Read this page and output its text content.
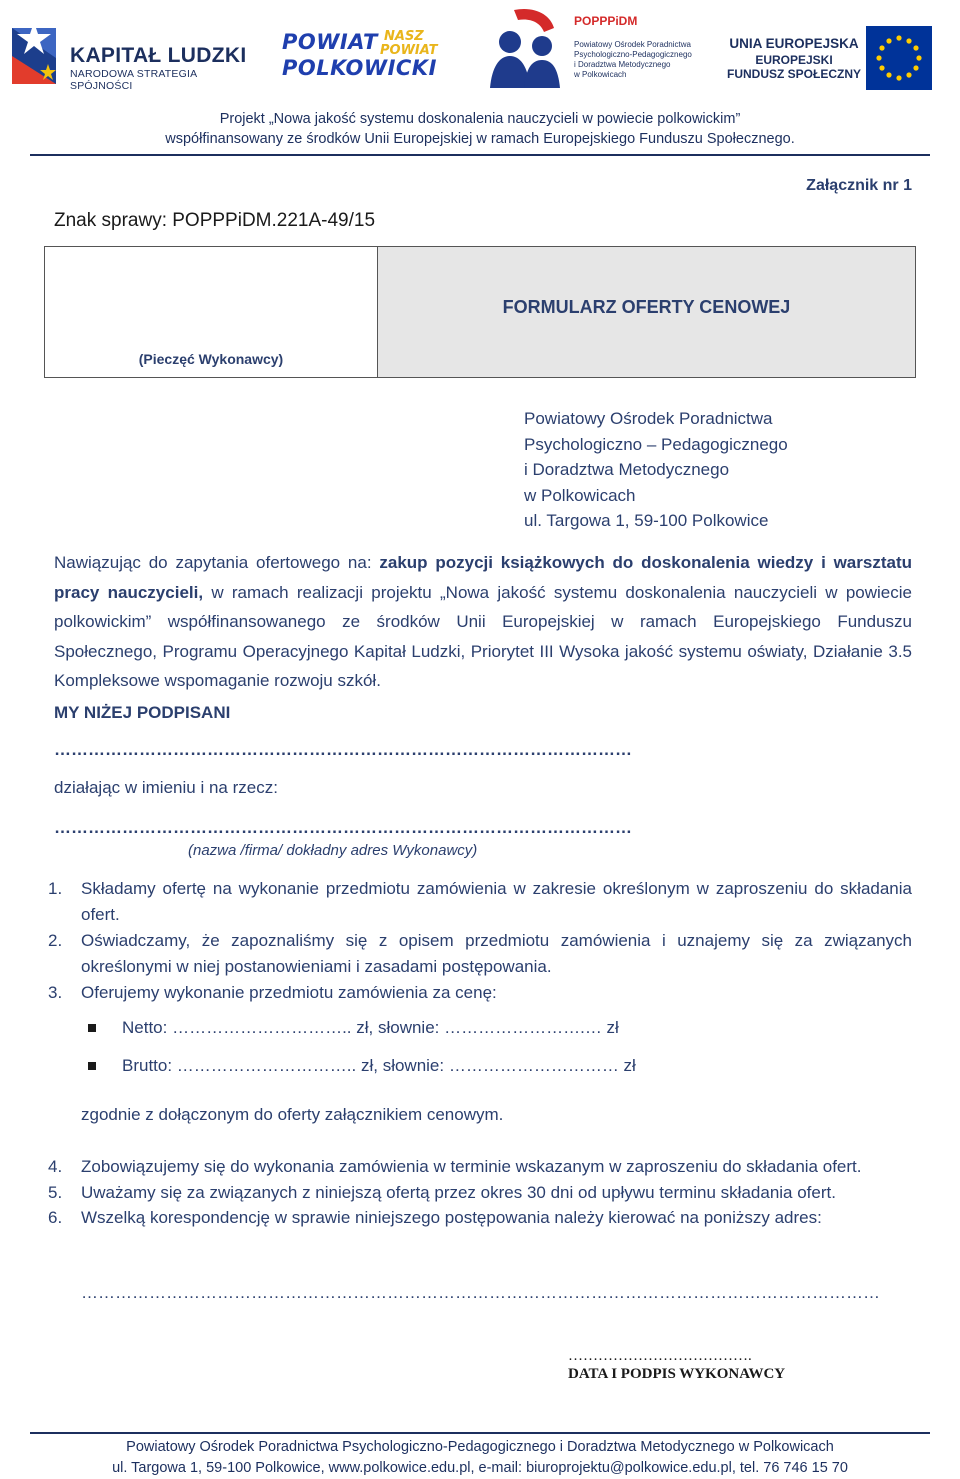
KAPITAŁ LUDZKI
NARODOWA STRATEGIA SPÓJNOŚCI
POWIAT
POLKOWICKI
NASZ
POWIAT
POPPPiDM
Powiatowy Ośrodek Poradnictwa
Psychologiczno-Pedagogicznego
i Doradztwa Metodycznego
w Polkowicach
UNIA EUROPEJSKA
EUROPEJSKI
FUNDUSZ SPOŁECZNY
Projekt „Nowa jakość systemu doskonalenia nauczycieli w powiecie polkowickim”
współfinansowany ze środków Unii Europejskiej w ramach Europejskiego Funduszu Społecznego.
Załącznik nr 1
Znak sprawy: POPPPiDM.221A-49/15
(Pieczęć Wykonawcy)
FORMULARZ OFERTY CENOWEJ
Powiatowy Ośrodek Poradnictwa
Psychologiczno – Pedagogicznego
i Doradztwa Metodycznego
w Polkowicach
ul. Targowa 1, 59-100 Polkowice
Nawiązując do zapytania ofertowego na: zakup pozycji książkowych do doskonalenia wiedzy i warsztatu pracy nauczycieli, w ramach realizacji projektu „Nowa jakość systemu doskonalenia nauczycieli w powiecie polkowickim” współfinansowanego ze środków Unii Europejskiej w ramach Europejskiego Funduszu Społecznego, Programu Operacyjnego Kapitał Ludzki, Priorytet III Wysoka jakość systemu oświaty, Działanie 3.5 Kompleksowe wspomaganie rozwoju szkół.
MY NIŻEJ PODPISANI
…………………………………………………………………………………………
działając w imieniu i na rzecz:
…………………………………………………………………………………………
(nazwa /firma/ dokładny adres Wykonawcy)
1. Składamy ofertę na wykonanie przedmiotu zamówienia w zakresie określonym w zaproszeniu do składania ofert.
2. Oświadczamy, że zapoznaliśmy się z opisem przedmiotu zamówienia i uznajemy się za związanych określonymi w niej postanowieniami i zasadami postępowania.
3. Oferujemy wykonanie przedmiotu zamówienia za cenę:
Netto: ………………………….. zł, słownie: …………………….… zł
Brutto: ………………………….. zł, słownie: ………………………… zł
zgodnie z dołączonym do oferty załącznikiem cenowym.
4. Zobowiązujemy się do wykonania zamówienia w terminie wskazanym w zaproszeniu do składania ofert.
5. Uważamy się za związanych z niniejszą ofertą przez okres 30 dni od upływu terminu składania ofert.
6. Wszelką korespondencję w sprawie niniejszego postępowania należy kierować na poniższy adres:
……………………………………………………………………………………………………………………………
……………………………….
DATA I PODPIS WYKONAWCY
Powiatowy Ośrodek Poradnictwa Psychologiczno-Pedagogicznego i Doradztwa Metodycznego w Polkowicach
ul. Targowa 1, 59-100 Polkowice, www.polkowice.edu.pl, e-mail: biuroprojektu@polkowice.edu.pl, tel. 76 746 15 70
